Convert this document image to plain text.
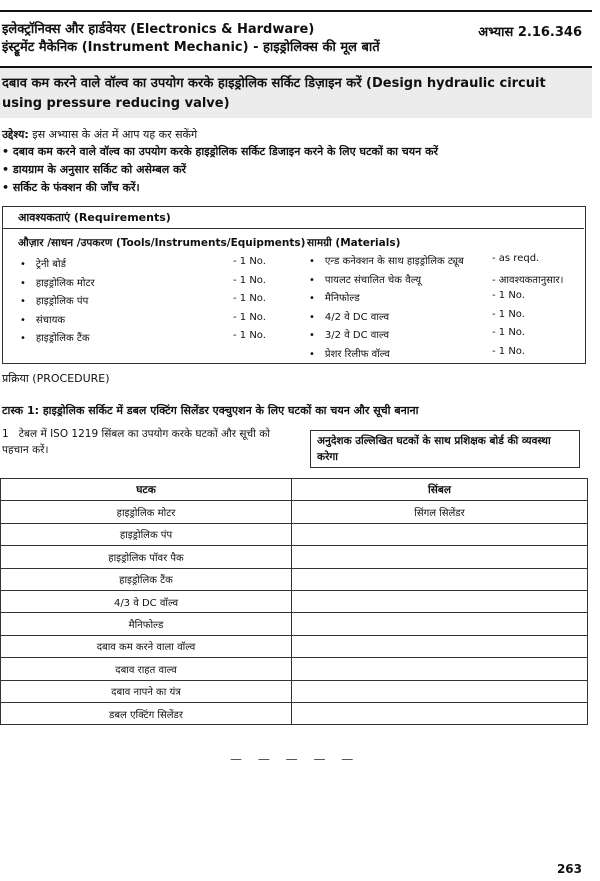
इलेक्ट्रॉनिक्स और हार्डवेयर (Electronics & Hardware)
इंस्ट्रूमेंट मैकेनिक (Instrument Mechanic) - हाइड्रोलिक्स की मूल बातें
अभ्यास 2.16.346
दबाव कम करने वाले वॉल्व का उपयोग करके हाइड्रोलिक सर्किट डिज़ाइन करें (Design hydraulic circuit using pressure reducing valve)
उद्देश्य: इस अभ्यास के अंत में आप यह कर सकेंगे
• दबाव कम करने वाले वॉल्व का उपयोग करके हाइड्रोलिक सर्किट डिजाइन करने के लिए घटकों का चयन करें
• डायग्राम के अनुसार सर्किट को असेम्बल करें
• सर्किट के फंक्शन की जाँच करें।
आवश्यकताएं (Requirements)
औज़ार /साधन /उपकरण (Tools/Instruments/Equipments) सामग्री (Materials)
• ट्रेनी बोर्ड	- 1 No.
• हाइड्रोलिक मोटर	- 1 No.
• हाइड्रोलिक पंप	- 1 No.
• संचायक	- 1 No.
• हाइड्रोलिक टैंक	- 1 No.
• एन्ड कनेक्शन के साथ हाइड्रोलिक ट्यूब	- as reqd.
• पायलट संचालित चेक वैल्यू	- आवश्यकतानुसार।
• मैनिफोल्ड	- 1 No.
• 4/2 वे DC वाल्व	- 1 No.
• 3/2 वे DC वाल्व	- 1 No.
• प्रेशर रिलीफ वॉल्व	- 1 No.
प्रक्रिया (PROCEDURE)
टास्क 1: हाइड्रोलिक सर्किट में डबल एक्टिंग सिलेंडर एक्चुएशन के लिए घटकों का चयन और सूची बनाना
1 टेबल में ISO 1219 सिंबल का उपयोग करके घटकों और सूची को पहचान करें।
अनुदेशक उल्लिखित घटकों के साथ प्रशिक्षक बोर्ड की व्यवस्था करेगा
घटक	सिंबल
हाइड्रोलिक मोटर	सिंगल सिलेंडर
हाइड्रोलिक पंप	
हाइड्रोलिक पॉवर पैक	
हाइड्रोलिक टैंक	
4/3 वे DC वॉल्व	
मैनिफोल्ड	
दबाव कम करने वाला वॉल्व	
दबाव राहत वाल्व	
दबाव नापने का यंत्र	
डबल एक्टिंग सिलेंडर	
— — — — —
263
